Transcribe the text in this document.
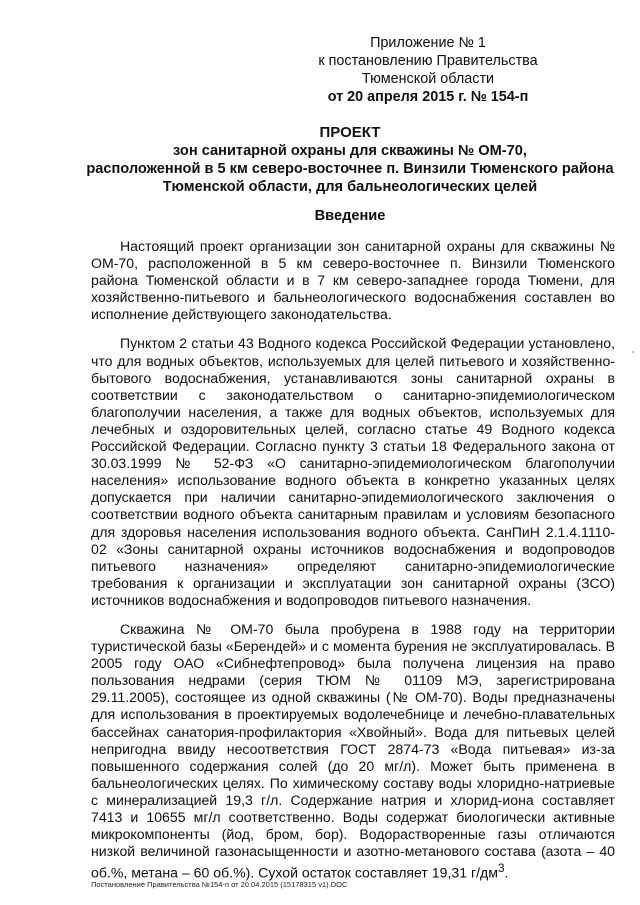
Приложение № 1
к постановлению Правительства
Тюменской области
от 20 апреля 2015 г. № 154-п
ПРОЕКТ
зон санитарной охраны для скважины № ОМ-70,
расположенной в 5 км северо-восточнее п. Винзили Тюменского района
Тюменской области, для бальнеологических целей
Введение

Настоящий проект организации зон санитарной охраны для скважины № ОМ-70, расположенной в 5 км северо-восточнее п. Винзили Тюменского района Тюменской области и в 7 км северо-западнее города Тюмени, для хозяйственно-питьевого и бальнеологического водоснабжения составлен во исполнение действующего законодательства.

Пунктом 2 статьи 43 Водного кодекса Российской Федерации установлено, что для водных объектов, используемых для целей питьевого и хозяйственно-бытового водоснабжения, устанавливаются зоны санитарной охраны в соответствии с законодательством о санитарно-эпидемиологическом благополучии населения, а также для водных объектов, используемых для лечебных и оздоровительных целей, согласно статье 49 Водного кодекса Российской Федерации. Согласно пункту 3 статьи 18 Федерального закона от 30.03.1999 № 52-ФЗ «О санитарно-эпидемиологическом благополучии населения» использование водного объекта в конкретно указанных целях допускается при наличии санитарно-эпидемиологического заключения о соответствии водного объекта санитарным правилам и условиям безопасного для здоровья населения использования водного объекта. СанПиН 2.1.4.1110-02 «Зоны санитарной охраны источников водоснабжения и водопроводов питьевого назначения» определяют санитарно-эпидемиологические требования к организации и эксплуатации зон санитарной охраны (ЗСО) источников водоснабжения и водопроводов питьевого назначения.

Скважина № ОМ-70 была пробурена в 1988 году на территории туристической базы «Берендей» и с момента бурения не эксплуатировалась. В 2005 году ОАО «Сибнефтепровод» была получена лицензия на право пользования недрами (серия ТЮМ № 01109 МЭ, зарегистрирована 29.11.2005), состоящее из одной скважины (№ ОМ-70). Воды предназначены для использования в проектируемых водолечебнице и лечебно-плавательных бассейнах санатория-профилактория «Хвойный». Вода для питьевых целей непригодна ввиду несоответствия ГОСТ 2874-73 «Вода питьевая» из-за повышенного содержания солей (до 20 мг/л). Может быть применена в бальнеологических целях. По химическому составу воды хлоридно-натриевые с минерализацией 19,3 г/л. Содержание натрия и хлорид-иона составляет 7413 и 10655 мг/л соответственно. Воды содержат биологически активные микрокомпоненты (йод, бром, бор). Водорастворенные газы отличаются низкой величиной газонасыщенности и азотно-метанового состава (азота – 40 об.%, метана – 60 об.%). Сухой остаток составляет 19,31 $г/дм^3$.

'
Постановление Правительства №154-п от 20.04.2015 (15178315 v1).DOC
